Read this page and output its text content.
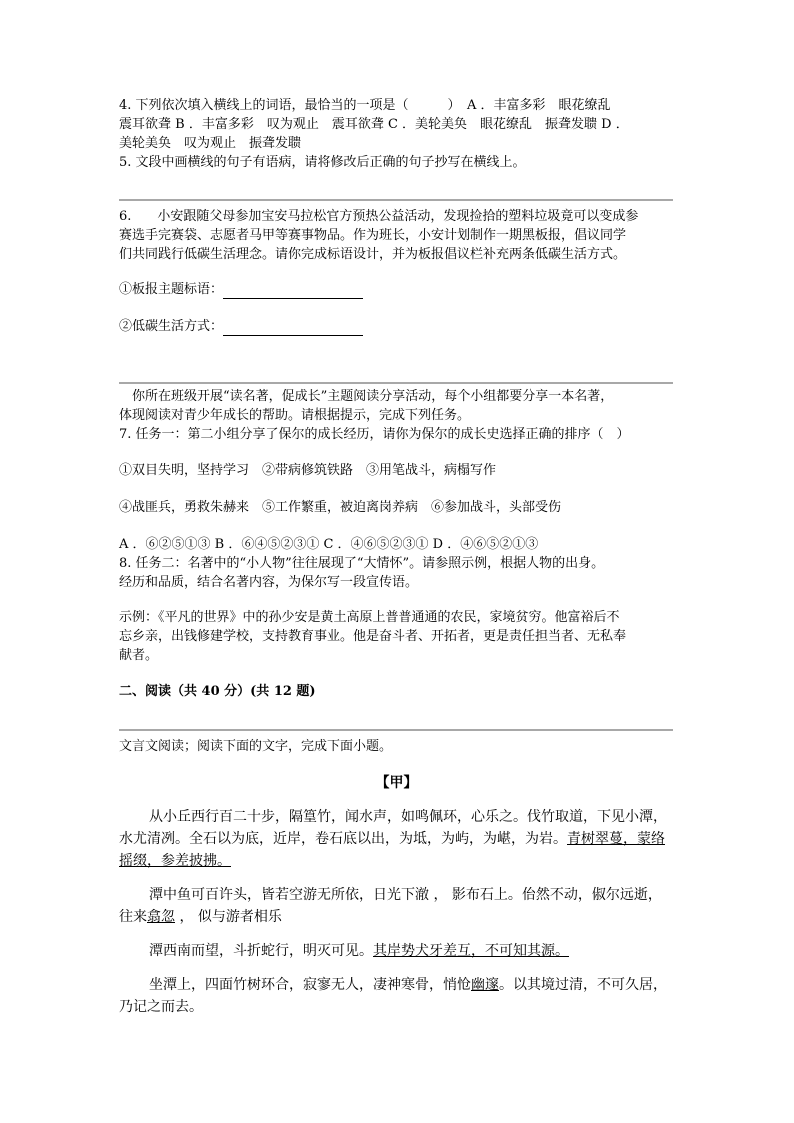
4. 下列依次填入横线上的词语，最恰当的一项是（　　　）　A ．丰富多彩　眼花缭乱
震耳欲聋 B ．丰富多彩　叹为观止　震耳欲聋 C ．美轮美奂　眼花缭乱　振聋发聩 D ．
美轮美奂　叹为观止　振聋发聩
5. 文段中画横线的句子有语病，请将修改后正确的句子抄写在横线上。
6.　　小安跟随父母参加宝安马拉松官方预热公益活动，发现捡拾的塑料垃圾竟可以变成参
赛选手完赛袋、志愿者马甲等赛事物品。作为班长，小安计划制作一期黑板报，倡议同学
们共同践行低碳生活理念。请你完成标语设计，并为板报倡议栏补充两条低碳生活方式。
①板报主题标语：
②低碳生活方式：
　你所在班级开展“读名著，促成长”主题阅读分享活动，每个小组都要分享一本名著，
体现阅读对青少年成长的帮助。请根据提示，完成下列任务。
7. 任务一：第二小组分享了保尔的成长经历，请你为保尔的成长史选择正确的排序（　）
①双目失明，坚持学习　②带病修筑铁路　③用笔战斗，病榻写作
④战匪兵，勇救朱赫来　⑤工作繁重，被迫离岗养病　⑥参加战斗，头部受伤
A ．⑥②⑤①③ B ．⑥④⑤②③① C ．④⑥⑤②③① D ．④⑥⑤②①③
8. 任务二：名著中的“小人物”往往展现了“大情怀”。请参照示例，根据人物的出身。
经历和品质，结合名著内容，为保尔写一段宣传语。
示例：《平凡的世界》中的孙少安是黄土高原上普普通通的农民，家境贫穷。他富裕后不
忘乡亲，出钱修建学校，支持教育事业。他是奋斗者、开拓者，更是责任担当者、无私奉
献者。
二、阅读（共 40 分）(共 12 题)
文言文阅读；阅读下面的文字，完成下面小题。
【甲】
从小丘西行百二十步，隔篁竹，闻水声，如鸣佩环，心乐之。伐竹取道，下见小潭，
水尤清冽。全石以为底，近岸，卷石底以出，为坻，为屿，为嵁，为岩。青树翠蔓，蒙络
摇缀，参差披拂。
潭中鱼可百许头，皆若空游无所依，日光下澈 ， 影布石上。佁然不动，俶尔远逝，
往来翕忽 ， 似与游者相乐
潭西南而望，斗折蛇行，明灭可见。其岸势犬牙差互，不可知其源。
坐潭上，四面竹树环合，寂寥无人，凄神寒骨，悄怆幽邃。以其境过清，不可久居，
乃记之而去。
